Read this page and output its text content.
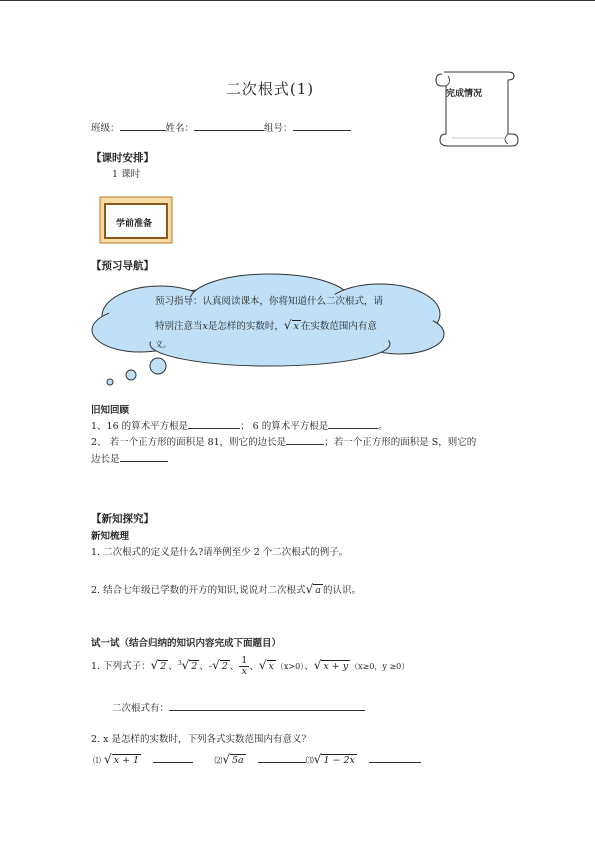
二次根式(1)	完成情况
班级：	姓名：	组号：
【课时安排】
1 课时
学前准备
【预习导航】
预习指导：认真阅读课本，你将知道什么二次根式，请
特别注意当x是怎样的实数时，√ x 在实数范围内有意
义。
旧知回顾
1、16 的算术平方根是	； 6 的算术平方根是	。
2、 若一个正方形的面积是 81，则它的边长是	；若一个正方形的面积是 S，则它的
边长是
【新知探究】
新知梳理
1. 二次根式的定义是什么?请举例至少 2 个二次根式的例子。
2. 结合七年级已学数的开方的知识,说说对二次根式√ a 的认识。
试一试（结合归纳的知识内容完成下面题目）
1. 下列式子：√ 2 、$^3$√ 2 、-√ 2 、 $\frac{1}{x}$ 、√ x （x>0）、√ x + y （x≥0，y ≥0）
二次根式有：
2. x 是怎样的实数时，下列各式实数范围内有意义？
⑴ √ x + 1	⑵√ 5a	⑶√ 1 − 2x
